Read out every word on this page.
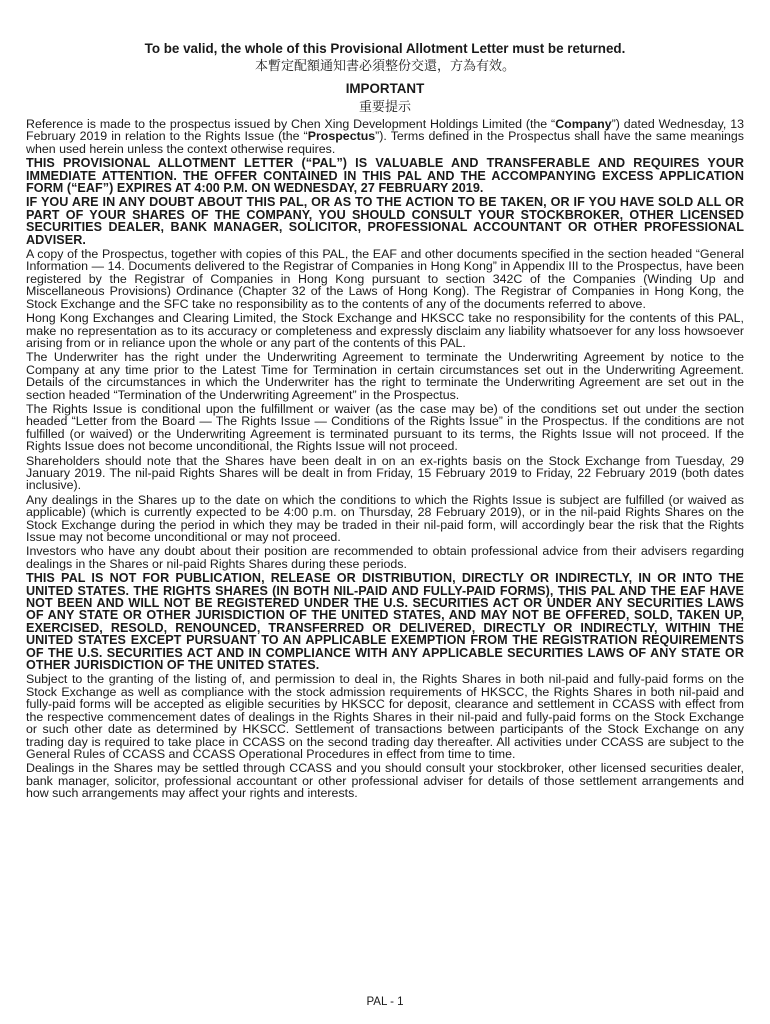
To be valid, the whole of this Provisional Allotment Letter must be returned.
本暫定配額通知書必須整份交還，方為有效。
IMPORTANT
重要提示

Reference is made to the prospectus issued by Chen Xing Development Holdings Limited (the “Company”) dated Wednesday, 13 February 2019 in relation to the Rights Issue (the “Prospectus”). Terms defined in the Prospectus shall have the same meanings when used herein unless the context otherwise requires.

THIS PROVISIONAL ALLOTMENT LETTER (“PAL”) IS VALUABLE AND TRANSFERABLE AND REQUIRES YOUR IMMEDIATE ATTENTION. THE OFFER CONTAINED IN THIS PAL AND THE ACCOMPANYING EXCESS APPLICATION FORM (“EAF”) EXPIRES AT 4:00 P.M. ON WEDNESDAY, 27 FEBRUARY 2019.

IF YOU ARE IN ANY DOUBT ABOUT THIS PAL, OR AS TO THE ACTION TO BE TAKEN, OR IF YOU HAVE SOLD ALL OR PART OF YOUR SHARES OF THE COMPANY, YOU SHOULD CONSULT YOUR STOCKBROKER, OTHER LICENSED SECURITIES DEALER, BANK MANAGER, SOLICITOR, PROFESSIONAL ACCOUNTANT OR OTHER PROFESSIONAL ADVISER.

A copy of the Prospectus, together with copies of this PAL, the EAF and other documents specified in the section headed “General Information — 14. Documents delivered to the Registrar of Companies in Hong Kong” in Appendix III to the Prospectus, have been registered by the Registrar of Companies in Hong Kong pursuant to section 342C of the Companies (Winding Up and Miscellaneous Provisions) Ordinance (Chapter 32 of the Laws of Hong Kong). The Registrar of Companies in Hong Kong, the Stock Exchange and the SFC take no responsibility as to the contents of any of the documents referred to above.

Hong Kong Exchanges and Clearing Limited, the Stock Exchange and HKSCC take no responsibility for the contents of this PAL, make no representation as to its accuracy or completeness and expressly disclaim any liability whatsoever for any loss howsoever arising from or in reliance upon the whole or any part of the contents of this PAL.

The Underwriter has the right under the Underwriting Agreement to terminate the Underwriting Agreement by notice to the Company at any time prior to the Latest Time for Termination in certain circumstances set out in the Underwriting Agreement. Details of the circumstances in which the Underwriter has the right to terminate the Underwriting Agreement are set out in the section headed “Termination of the Underwriting Agreement” in the Prospectus.

The Rights Issue is conditional upon the fulfillment or waiver (as the case may be) of the conditions set out under the section headed “Letter from the Board — The Rights Issue — Conditions of the Rights Issue” in the Prospectus. If the conditions are not fulfilled (or waived) or the Underwriting Agreement is terminated pursuant to its terms, the Rights Issue will not proceed. If the Rights Issue does not become unconditional, the Rights Issue will not proceed.

Shareholders should note that the Shares have been dealt in on an ex-rights basis on the Stock Exchange from Tuesday, 29 January 2019. The nil-paid Rights Shares will be dealt in from Friday, 15 February 2019 to Friday, 22 February 2019 (both dates inclusive).

Any dealings in the Shares up to the date on which the conditions to which the Rights Issue is subject are fulfilled (or waived as applicable) (which is currently expected to be 4:00 p.m. on Thursday, 28 February 2019), or in the nil-paid Rights Shares on the Stock Exchange during the period in which they may be traded in their nil-paid form, will accordingly bear the risk that the Rights Issue may not become unconditional or may not proceed.

Investors who have any doubt about their position are recommended to obtain professional advice from their advisers regarding dealings in the Shares or nil-paid Rights Shares during these periods.

THIS PAL IS NOT FOR PUBLICATION, RELEASE OR DISTRIBUTION, DIRECTLY OR INDIRECTLY, IN OR INTO THE UNITED STATES. THE RIGHTS SHARES (IN BOTH NIL-PAID AND FULLY-PAID FORMS), THIS PAL AND THE EAF HAVE NOT BEEN AND WILL NOT BE REGISTERED UNDER THE U.S. SECURITIES ACT OR UNDER ANY SECURITIES LAWS OF ANY STATE OR OTHER JURISDICTION OF THE UNITED STATES, AND MAY NOT BE OFFERED, SOLD, TAKEN UP, EXERCISED, RESOLD, RENOUNCED, TRANSFERRED OR DELIVERED, DIRECTLY OR INDIRECTLY, WITHIN THE UNITED STATES EXCEPT PURSUANT TO AN APPLICABLE EXEMPTION FROM THE REGISTRATION REQUIREMENTS OF THE U.S. SECURITIES ACT AND IN COMPLIANCE WITH ANY APPLICABLE SECURITIES LAWS OF ANY STATE OR OTHER JURISDICTION OF THE UNITED STATES.

Subject to the granting of the listing of, and permission to deal in, the Rights Shares in both nil-paid and fully-paid forms on the Stock Exchange as well as compliance with the stock admission requirements of HKSCC, the Rights Shares in both nil-paid and fully-paid forms will be accepted as eligible securities by HKSCC for deposit, clearance and settlement in CCASS with effect from the respective commencement dates of dealings in the Rights Shares in their nil-paid and fully-paid forms on the Stock Exchange or such other date as determined by HKSCC. Settlement of transactions between participants of the Stock Exchange on any trading day is required to take place in CCASS on the second trading day thereafter. All activities under CCASS are subject to the General Rules of CCASS and CCASS Operational Procedures in effect from time to time.

Dealings in the Shares may be settled through CCASS and you should consult your stockbroker, other licensed securities dealer, bank manager, solicitor, professional accountant or other professional adviser for details of those settlement arrangements and how such arrangements may affect your rights and interests.

PAL - 1
